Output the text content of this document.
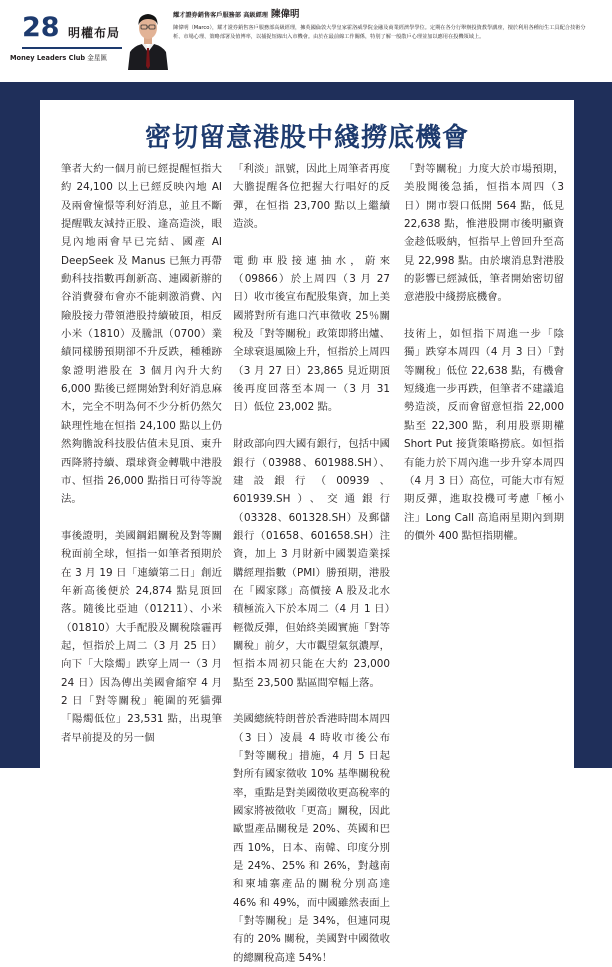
28 明權布局
Money Leaders Club 金星匯
耀才證券銷售客戶服務部 高級經理 陳偉明
陳偉明（Marco），耀才證券銷售客戶服務部高級經理，擁英國倫敦大學皇家霍洛威學院金融及商業經濟學學位。定期在各分行舉辦投資教學講座，擅於利用各種衍生工具配合技術分析、市場心理、策略部署及值博率，以捕捉短線出入市機會。由於在最前線工作關係，特別了解一般散戶心理並加以應用在投機領域上。
密切留意港股中綫撈底機會

筆者大約一個月前已經提醒恒指大約 24,100 以上已經反映內地 AI 及兩會憧憬等利好消息，並且不斷提醒戰友減持正股、逢高造淡，眼見內地兩會早已完結、國產 AI DeepSeek 及 Manus 已無力再帶動科技指數再創新高、連國新辦的谷消費發布會亦不能刺激消費、內險股接力帶領港股持續破頂，相反小米（1810）及騰訊（0700）業績同樣勝預期卻不升反跌，種種跡象證明港股在 3 個月內升大約 6,000 點後已經開始對利好消息麻木，完全不明為何不少分析仍然欠缺理性地在恒指 24,100 點以上仍然夠膽說科技股估值未見頂、東升西降將持續、環球資金轉戰中港股市、恒指 26,000 點指日可待等說法。

事後證明，美國鋼鋁關稅及對等關稅面前全球，恒指一如筆者預期於在 3 月 19 日「連續第二日」創近年新高後便於 24,874 點見頂回落。隨後比亞迪（01211）、小米（01810）大手配股及關稅陰霾再起，恒指於上周二（3 月 25 日）向下「大陰燭」跌穿上周一（3 月 24 日）因為傳出美國會縮窄 4 月 2 日「對等關稅」範圍的死貓彈「陽燭低位」23,531 點，出現筆者早前提及的另一個

「利淡」訊號，因此上周筆者再度大膽提醒各位把握大行唱好的反彈，在恒指 23,700 點以上繼續造淡。

電動車股接連抽水，蔚來（09866）於上周四（3 月 27 日）收市後宣布配股集資，加上美國將對所有進口汽車徵收 25％關稅及「對等關稅」政策即將出爐、全球衰退風險上升，恒指於上周四（3 月 27 日）23,865 見近期頂後再度回落至本周一（3 月 31 日）低位 23,002 點。

財政部向四大國有銀行，包括中國銀行（03988、601988.SH）、建設銀行（00939、601939.SH）、交通銀行（03328、601328.SH）及郵儲銀行（01658、601658.SH）注資，加上 3 月財新中國製造業採購經理指數（PMI）勝預期，港股在「國家隊」高價接 A 股及北水積極流入下於本周二（4 月 1 日）輕微反彈，但始終美國實施「對等關稅」前夕，大市觀望氣氛濃厚，恒指本周初只能在大約 23,000 點至 23,500 點區間窄幅上落。

美國總統特朗普於香港時間本周四（3 日）凌晨 4 時收市後公布「對等關稅」措施，4 月 5 日起對所有國家徵收 10% 基準關稅稅率，重點是對美國徵收更高稅率的國家將被徵收「更高」關稅，因此歐盟產品關稅是 20%、英國和巴西 10%，日本、南韓、印度分別是 24%、25% 和 26%，對越南和柬埔寨產品的關稅分別高達 46% 和 49%，而中國雖然表面上「對等關稅」是 34%，但連同現有的 20% 關稅，美國對中國徵收的總關稅高達 54%！

「對等關稅」力度大於市場預期，美股聞後急插，恒指本周四（3 日）開市裂口低開 564 點，低見 22,638 點，惟港股開市後明顯資金趁低吸納，恒指早上曾回升至高見 22,998 點。由於壞消息對港股的影響已經減低，筆者開始密切留意港股中綫撈底機會。

技術上，如恒指下周進一步「陰獨」跌穿本周四（4 月 3 日）「對等關稅」低位 22,638 點，有機會短綫進一步再跌，但筆者不建議追勢造淡，反而會留意恒指 22,000 點至 22,300 點，利用股票期權 Short Put 接貨策略撈底。如恒指有能力於下周內進一步升穿本周四（4 月 3 日）高位，可能大市有短期反彈，進取投機可考慮「極小注」Long Call 高追兩星期內到期的價外 400 點恒指期權。
